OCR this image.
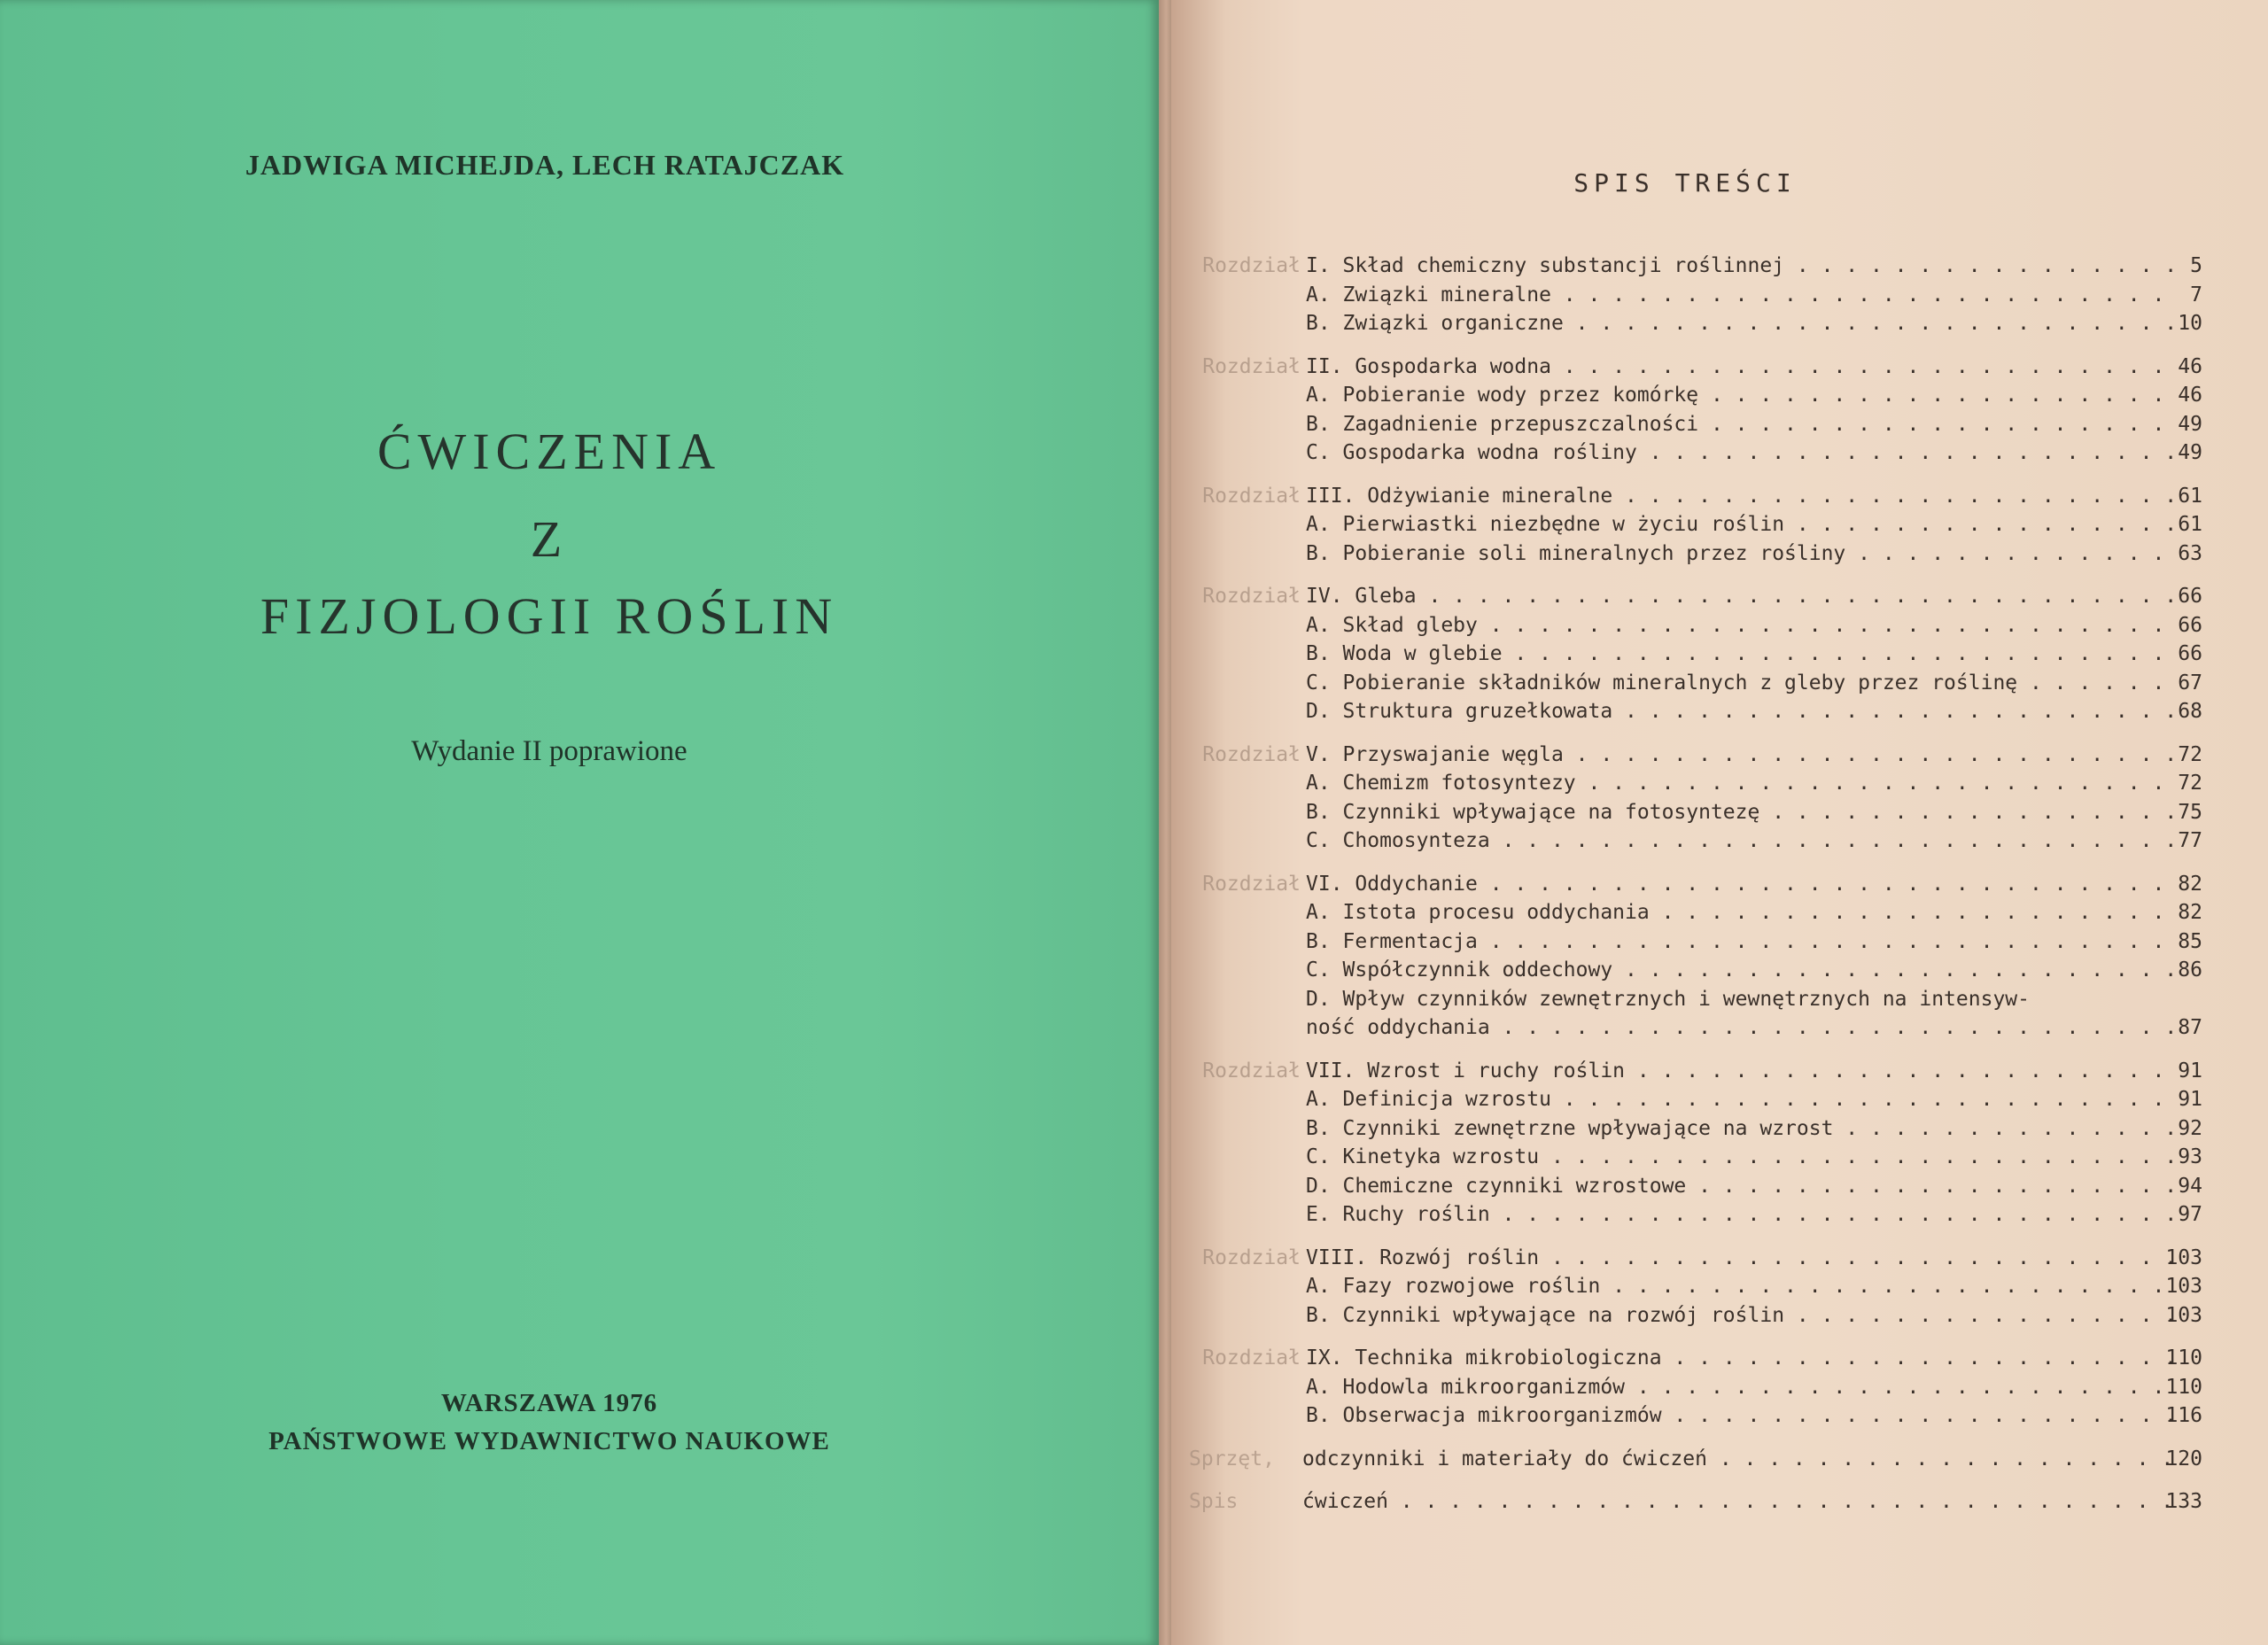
JADWIGA MICHEJDA, LECH RATAJCZAK
ĆWICZENIA
Z
FIZJOLOGII ROŚLIN
Wydanie II poprawione
WARSZAWA 1976
PAŃSTWOWE WYDAWNICTWO NAUKOWE
SPIS TREŚCI
Rozdział I. Skład chemiczny substancji roślinnej . . .	5
A. Związki mineralne . . .	7
B. Związki organiczne . . .	10
Rozdział II. Gospodarka wodna . . .	46
A. Pobieranie wody przez komórkę . . .	46
B. Zagadnienie przepuszczalności . . .	49
C. Gospodarka wodna rośliny . . .	49
Rozdział III. Odżywianie mineralne . . .	61
A. Pierwiastki niezbędne w życiu roślin . . .	61
B. Pobieranie soli mineralnych przez rośliny . . .	63
Rozdział IV. Gleba . . .	66
A. Skład gleby . . .	66
B. Woda w glebie . . .	66
C. Pobieranie składników mineralnych z gleby przez roślinę . . .	67
D. Struktura gruzełkowata . . .	68
Rozdział V. Przyswajanie węgla . . .	72
A. Chemizm fotosyntezy . . .	72
B. Czynniki wpływające na fotosyntezę . . .	75
C. Chomosynteza . . .	77
Rozdział VI. Oddychanie . . .	82
A. Istota procesu oddychania . . .	82
B. Fermentacja . . .	85
C. Współczynnik oddechowy . . .	86
D. Wpływ czynników zewnętrznych i wewnętrznych na intensyw-
ność oddychania . . .	87
Rozdział VII. Wzrost i ruchy roślin . . .	91
A. Definicja wzrostu . . .	91
B. Czynniki zewnętrzne wpływające na wzrost . . .	92
C. Kinetyka wzrostu . . .	93
D. Chemiczne czynniki wzrostowe . . .	94
E. Ruchy roślin . . .	97
Rozdział VIII. Rozwój roślin . . .	103
A. Fazy rozwojowe roślin . . .	103
B. Czynniki wpływające na rozwój roślin . . .	103
Rozdział IX. Technika mikrobiologiczna . . .	110
A. Hodowla mikroorganizmów . . .	110
B. Obserwacja mikroorganizmów . . .	116
Sprzęt,	odczynniki i materiały do ćwiczeń . . .	120
Spis	ćwiczeń . . .	133
